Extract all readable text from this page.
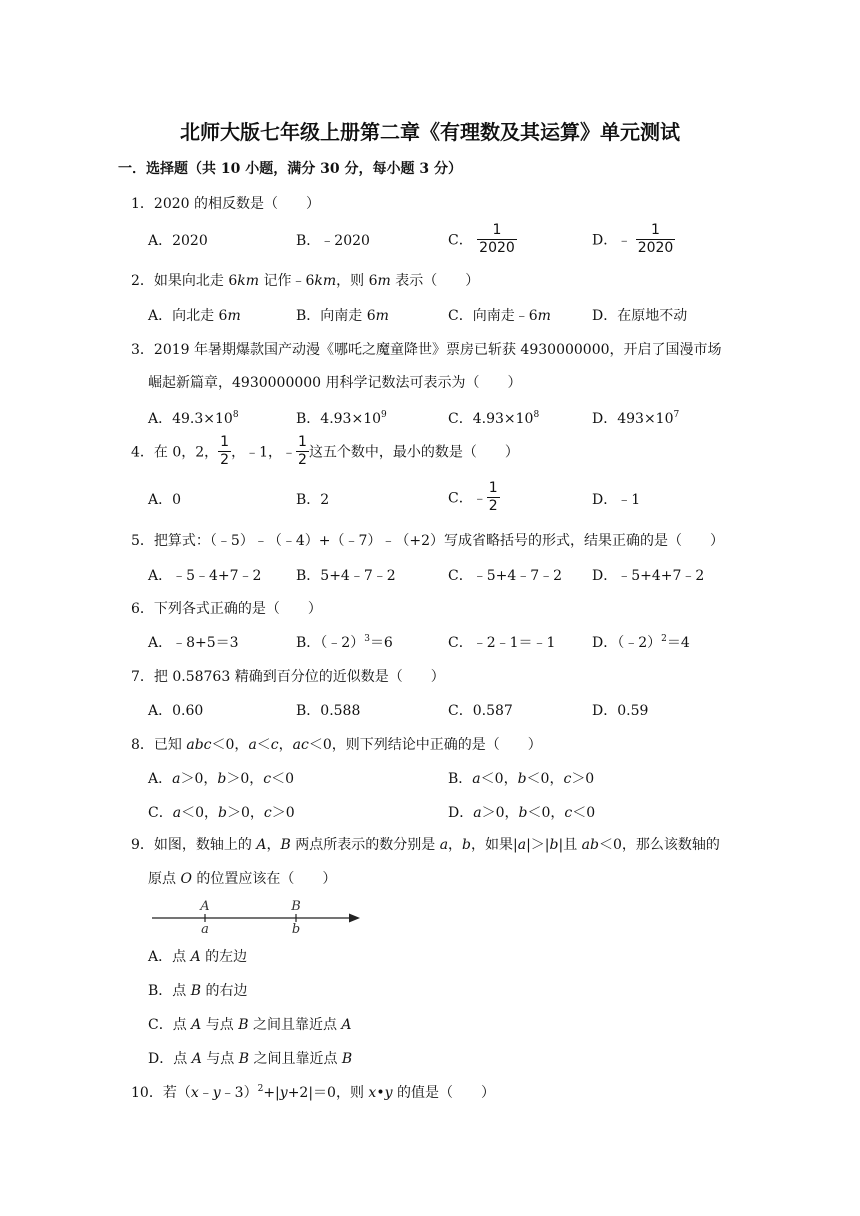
北师大版七年级上册第二章《有理数及其运算》单元测试
一．选择题（共 10 小题，满分 30 分，每小题 3 分）
1．2020 的相反数是（　　）
A．2020	B．﹣2020	C． $\frac{1}{2020}$	D．﹣ $\frac{1}{2020}$
2．如果向北走 6km 记作﹣6km，则 6m 表示（　　）
A．向北走 6m	B．向南走 6m	C．向南走﹣6m	D．在原地不动
3．2019 年暑期爆款国产动漫《哪吒之魔童降世》票房已斩获 4930000000，开启了国漫市场
崛起新篇章，4930000000 用科学记数法可表示为（　　）
A．$49.3\times 10^8$	B．$4.93\times 10^9$	C．$4.93\times 10^8$	D．$493\times 10^7$
4．在 0，2， $\frac{1}{2}$ ，﹣1，﹣ $\frac{1}{2}$ 这五个数中，最小的数是（　　）
A．0	B．2	C．﹣ $\frac{1}{2}$	D．﹣1
5．把算式：（﹣5）﹣（﹣4）+（﹣7）﹣（+2）写成省略括号的形式，结果正确的是（　　）
A．﹣5﹣4+7﹣2 B．5+4﹣7﹣2	C．﹣5+4﹣7﹣2 D．﹣5+4+7﹣2
6．下列各式正确的是（　　）
A．﹣8+5＝3	B．（﹣2）$^3$＝6	C．﹣2﹣1＝﹣1	D．（﹣2）$^2$＝4
7．把 0.58763 精确到百分位的近似数是（　　）
A．0.60	B．0.588	C．0.587	D．0.59
8．已知 abc＜0，a＜c，ac＜0，则下列结论中正确的是（　　）
A．a＞0，b＞0，c＜0	B．a＜0，b＜0，c＞0
C．a＜0，b＞0，c＞0	D．a＞0，b＜0，c＜0
9．如图，数轴上的 A，B 两点所表示的数分别是 a，b，如果|a|＞|b|且 ab＜0，那么该数轴的
原点 O 的位置应该在（　　）
A
a
B
b
A．点 A 的左边
B．点 B 的右边
C．点 A 与点 B 之间且靠近点 A
D．点 A 与点 B 之间且靠近点 B
10．若（x﹣y﹣3）$^2$+|y+2|＝0，则 x•y 的值是（　　）
